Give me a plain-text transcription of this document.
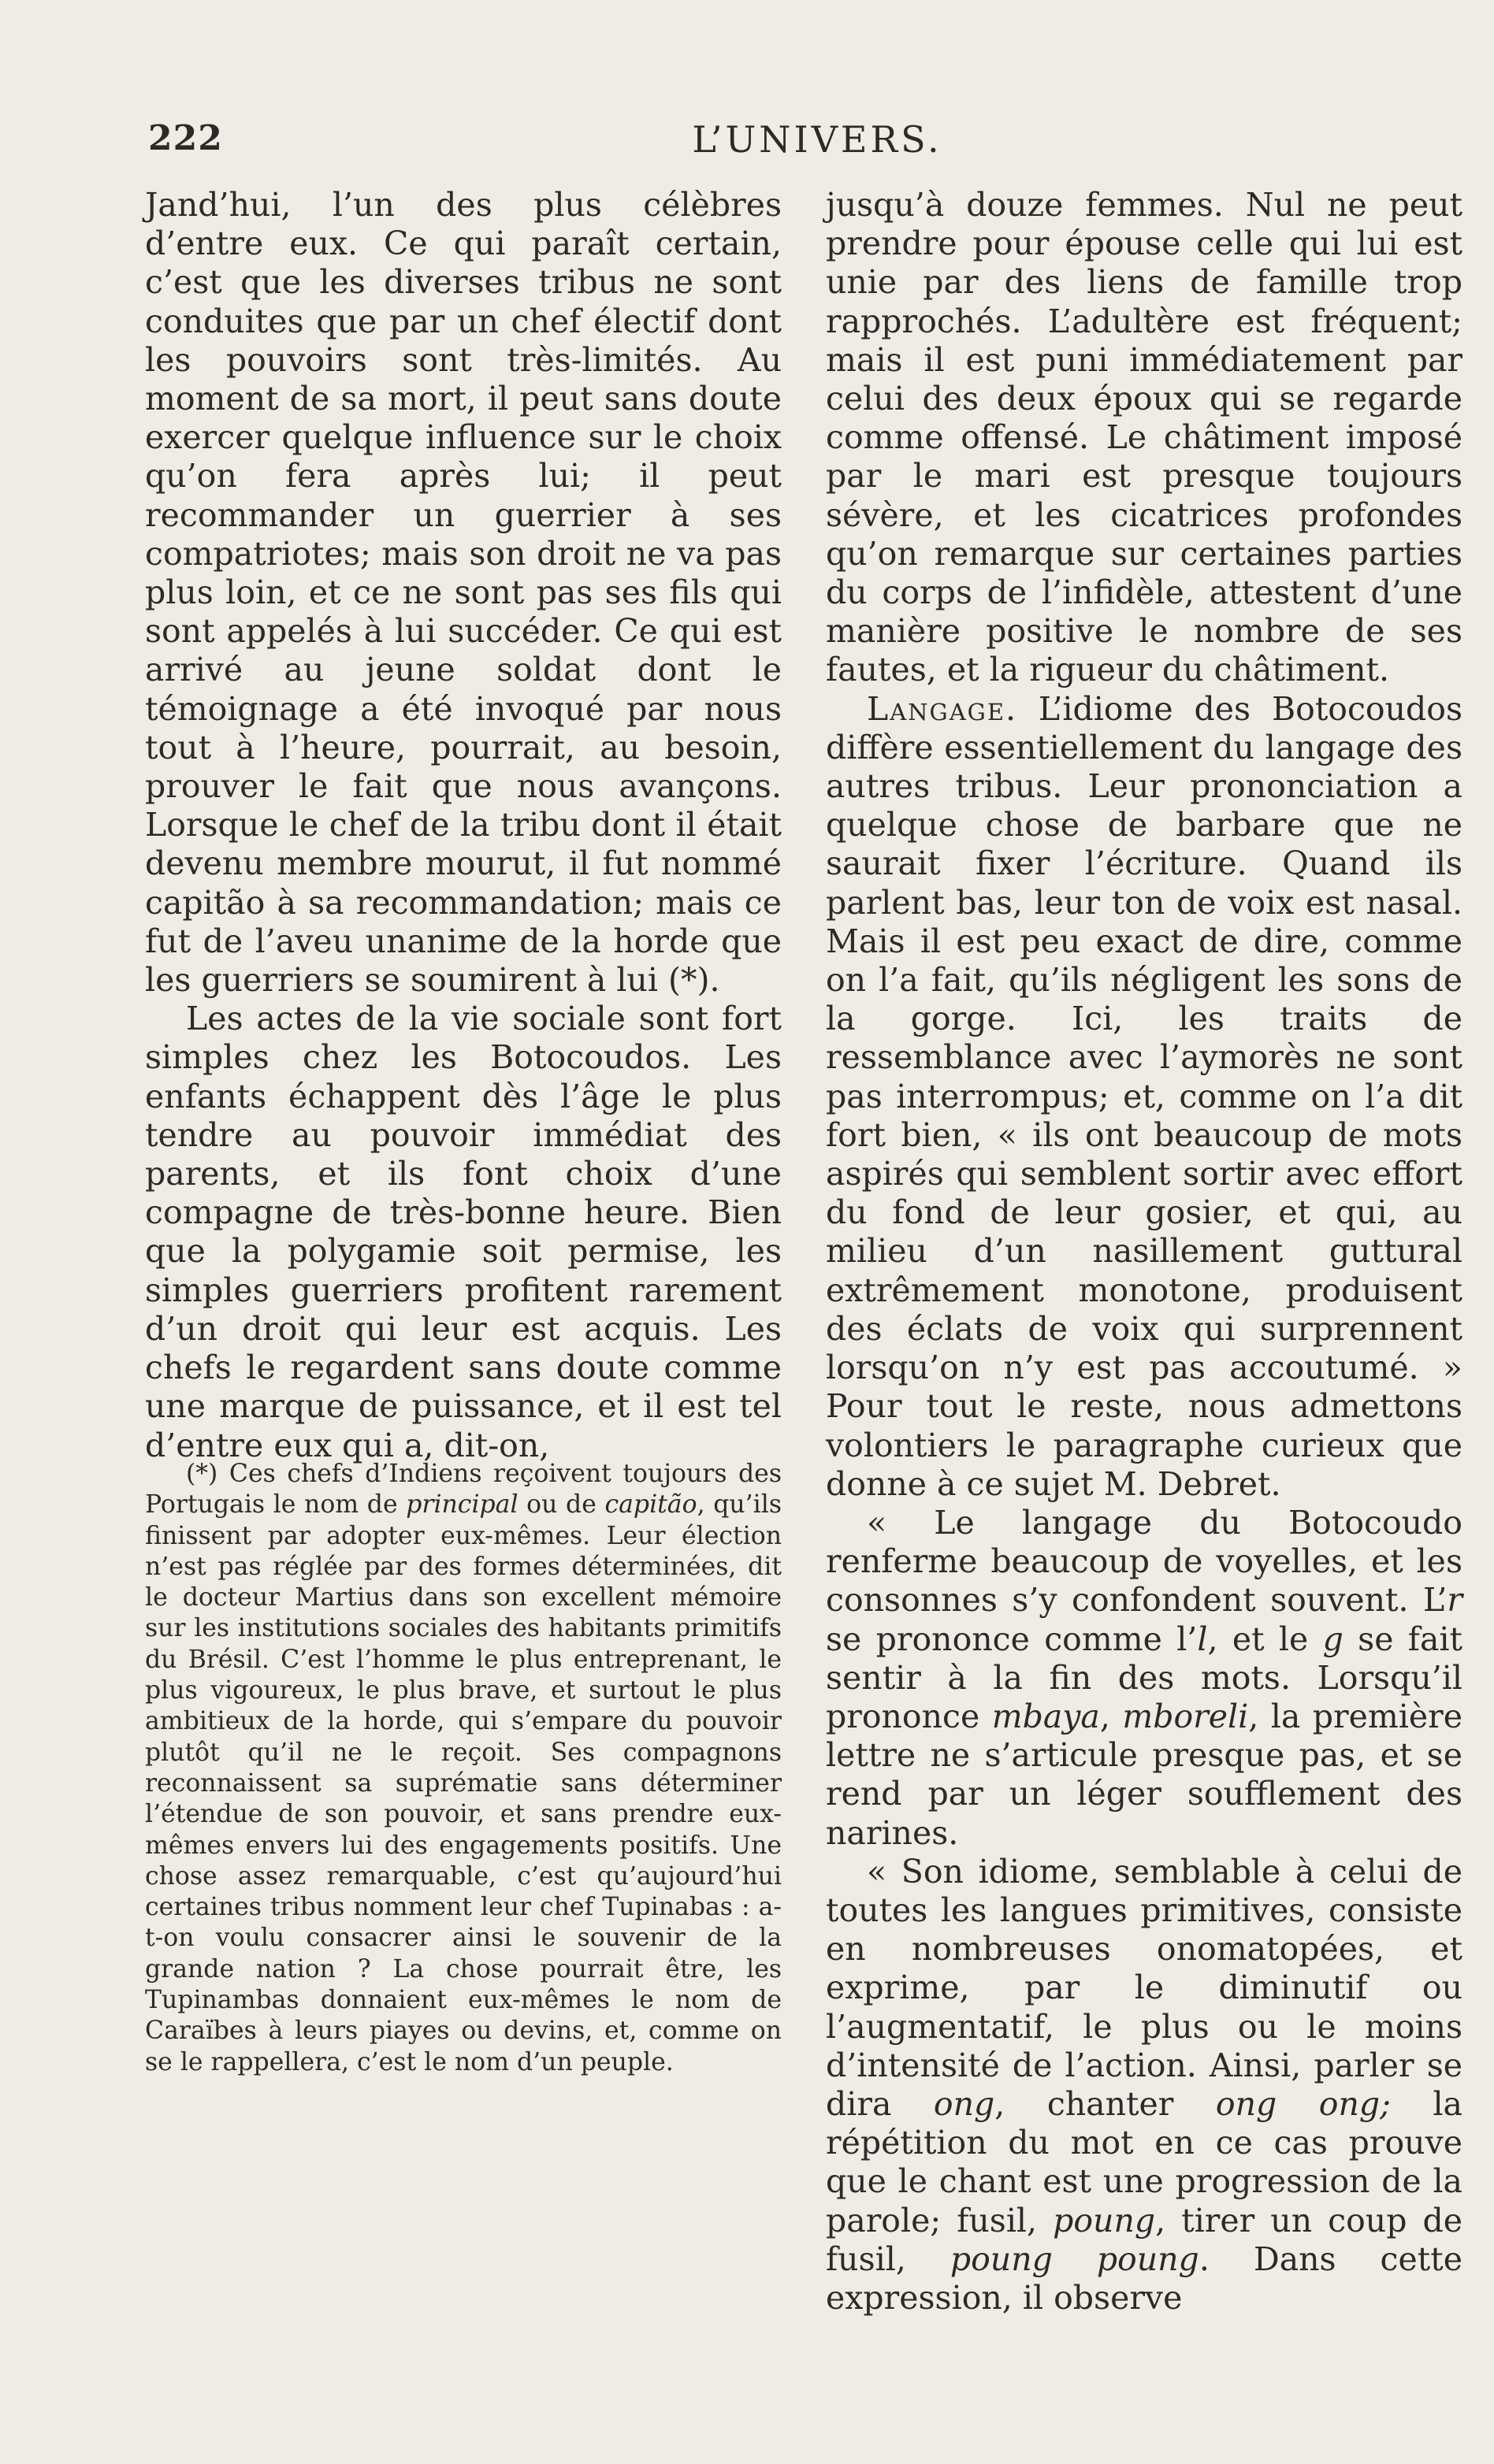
222	L’UNIVERS.

Jand’hui, l’un des plus célèbres d’entre eux. Ce qui paraît certain, c’est que les diverses tribus ne sont conduites que par un chef électif dont les pouvoirs sont très-limités. Au moment de sa mort, il peut sans doute exercer quelque influence sur le choix qu’on fera après lui; il peut recommander un guerrier à ses compatriotes; mais son droit ne va pas plus loin, et ce ne sont pas ses fils qui sont appelés à lui succéder. Ce qui est arrivé au jeune soldat dont le témoignage a été invoqué par nous tout à l’heure, pourrait, au besoin, prouver le fait que nous avançons. Lorsque le chef de la tribu dont il était devenu membre mourut, il fut nommé capitão à sa recommandation; mais ce fut de l’aveu unanime de la horde que les guerriers se soumirent à lui (*).

Les actes de la vie sociale sont fort simples chez les Botocoudos. Les enfants échappent dès l’âge le plus tendre au pouvoir immédiat des parents, et ils font choix d’une compagne de très-bonne heure. Bien que la polygamie soit permise, les simples guerriers profitent rarement d’un droit qui leur est acquis. Les chefs le regardent sans doute comme une marque de puissance, et il est tel d’entre eux qui a, dit-on,

(*) Ces chefs d’Indiens reçoivent toujours des Portugais le nom de principal ou de capitão, qu’ils finissent par adopter eux-mêmes. Leur élection n’est pas réglée par des formes déterminées, dit le docteur Martius dans son excellent mémoire sur les institutions sociales des habitants primitifs du Brésil. C’est l’homme le plus entreprenant, le plus vigoureux, le plus brave, et surtout le plus ambitieux de la horde, qui s’empare du pouvoir plutôt qu’il ne le reçoit. Ses compagnons reconnaissent sa suprématie sans déterminer l’étendue de son pouvoir, et sans prendre eux-mêmes envers lui des engagements positifs. Une chose assez remarquable, c’est qu’aujourd’hui certaines tribus nomment leur chef Tupinabas : a-t-on voulu consacrer ainsi le souvenir de la grande nation ? La chose pourrait être, les Tupinambas donnaient eux-mêmes le nom de Caraïbes à leurs piayes ou devins, et, comme on se le rappellera, c’est le nom d’un peuple.

jusqu’à douze femmes. Nul ne peut prendre pour épouse celle qui lui est unie par des liens de famille trop rapprochés. L’adultère est fréquent; mais il est puni immédiatement par celui des deux époux qui se regarde comme offensé. Le châtiment imposé par le mari est presque toujours sévère, et les cicatrices profondes qu’on remarque sur certaines parties du corps de l’infidèle, attestent d’une manière positive le nombre de ses fautes, et la rigueur du châtiment.

Langage. L’idiome des Botocoudos diffère essentiellement du langage des autres tribus. Leur prononciation a quelque chose de barbare que ne saurait fixer l’écriture. Quand ils parlent bas, leur ton de voix est nasal. Mais il est peu exact de dire, comme on l’a fait, qu’ils négligent les sons de la gorge. Ici, les traits de ressemblance avec l’aymorès ne sont pas interrompus; et, comme on l’a dit fort bien, « ils ont beaucoup de mots aspirés qui semblent sortir avec effort du fond de leur gosier, et qui, au milieu d’un nasillement guttural extrêmement monotone, produisent des éclats de voix qui surprennent lorsqu’on n’y est pas accoutumé. » Pour tout le reste, nous admettons volontiers le paragraphe curieux que donne à ce sujet M. Debret.

« Le langage du Botocoudo renferme beaucoup de voyelles, et les consonnes s’y confondent souvent. L’r se prononce comme l’l, et le g se fait sentir à la fin des mots. Lorsqu’il prononce mbaya, mboreli, la première lettre ne s’articule presque pas, et se rend par un léger soufflement des narines.

« Son idiome, semblable à celui de toutes les langues primitives, consiste en nombreuses onomatopées, et exprime, par le diminutif ou l’augmentatif, le plus ou le moins d’intensité de l’action. Ainsi, parler se dira ong, chanter ong ong; la répétition du mot en ce cas prouve que le chant est une progression de la parole; fusil, poung, tirer un coup de fusil, poung poung. Dans cette expression, il observe
